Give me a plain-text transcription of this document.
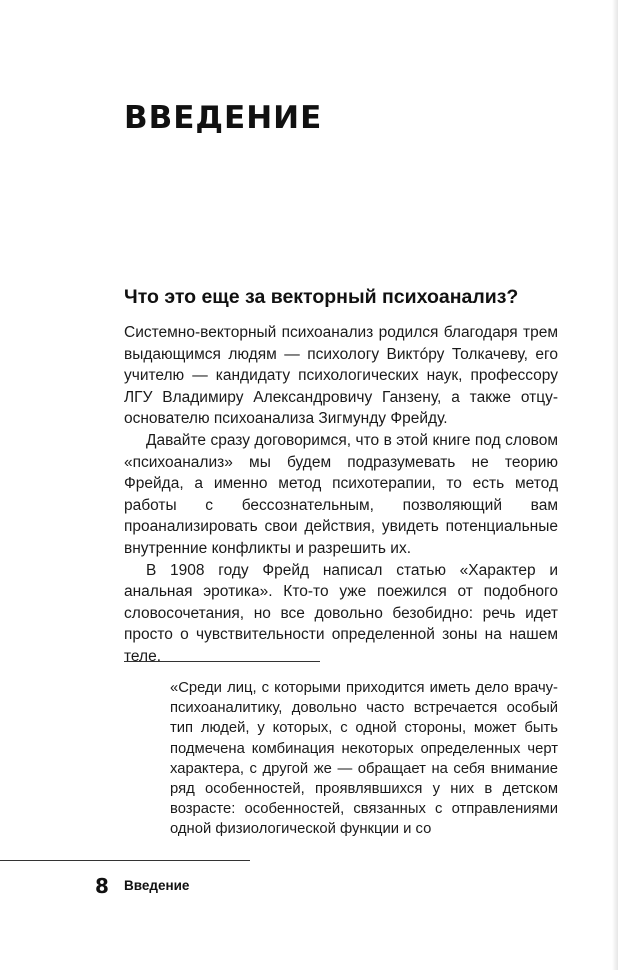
ВВЕДЕНИЕ
Что это еще за векторный психоанализ?

Системно-векторный психоанализ родился благодаря трем выдающимся людям — психологу Виктóру Толкачеву, его учителю — кандидату психологических наук, профессору ЛГУ Владимиру Александровичу Ганзену, а также отцу-основателю психоанализа Зигмунду Фрейду.

Давайте сразу договоримся, что в этой книге под словом «психоанализ» мы будем подразумевать не теорию Фрейда, а именно метод психотерапии, то есть метод работы с бессознательным, позволяющий вам проанализировать свои действия, увидеть потенциальные внутренние конфликты и разрешить их.

В 1908 году Фрейд написал статью «Характер и анальная эротика». Кто-то уже поежился от подобного словосочетания, но все довольно безобидно: речь идет просто о чувствительности определенной зоны на нашем теле.

«Среди лиц, с которыми приходится иметь дело врачу-психоаналитику, довольно часто встречается особый тип людей, у которых, с одной стороны, может быть подмечена комбинация некоторых определенных черт характера, с другой же — обращает на себя внимание ряд особенностей, проявлявшихся у них в детском возрасте: особенностей, связанных с отправлениями одной физиологической функции и со

8 Введение
